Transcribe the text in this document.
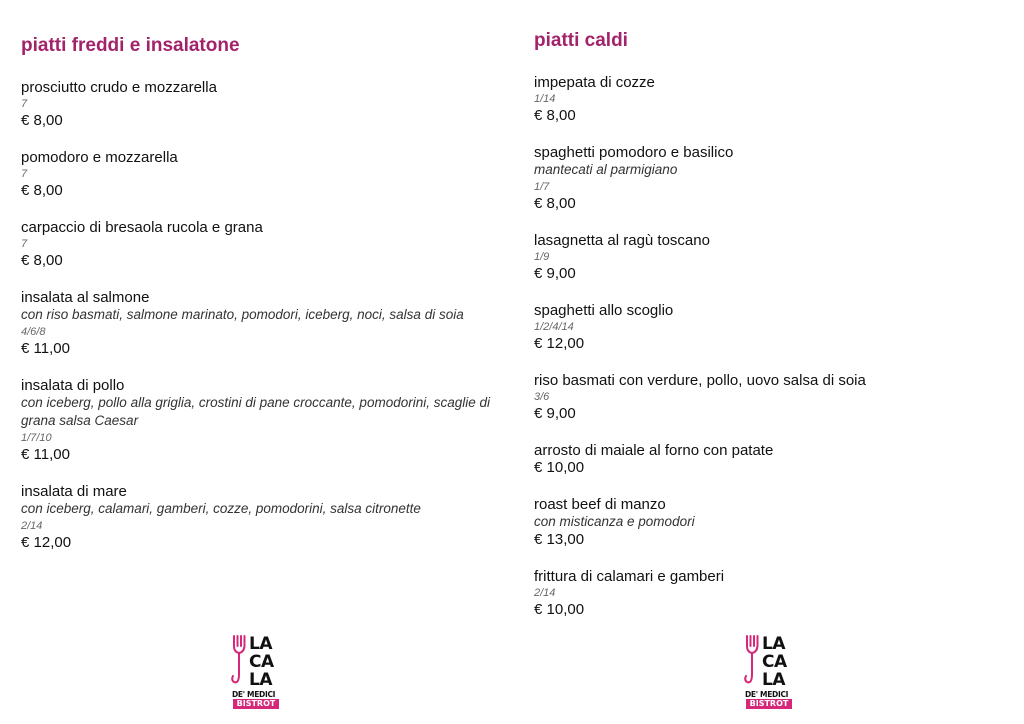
piatti freddi e insalatone
prosciutto crudo e mozzarella
7
€ 8,00
pomodoro e mozzarella
7
€ 8,00
carpaccio di bresaola rucola e grana
7
€ 8,00
insalata al salmone
con riso basmati, salmone marinato, pomodori, iceberg, noci, salsa di soia
4/6/8
€ 11,00
insalata di pollo
con iceberg, pollo alla griglia, crostini di pane croccante, pomodorini, scaglie di grana salsa Caesar
1/7/10
€ 11,00
insalata di mare
con iceberg, calamari, gamberi, cozze, pomodorini, salsa citronette
2/14
€ 12,00
piatti caldi
impepata di cozze
1/14
€ 8,00
spaghetti pomodoro e basilico
mantecati al parmigiano
1/7
€ 8,00
lasagnetta al ragù toscano
1/9
€ 9,00
spaghetti allo scoglio
1/2/4/14
€ 12,00
riso basmati con verdure, pollo, uovo salsa di soia
3/6
€ 9,00
arrosto di maiale al forno con patate
€ 10,00
roast beef di manzo
con misticanza e pomodori
€ 13,00
frittura di calamari e gamberi
2/14
€ 10,00
LA
CA
LA
DE' MEDICI
BISTROT
LA
CA
LA
DE' MEDICI
BISTROT
